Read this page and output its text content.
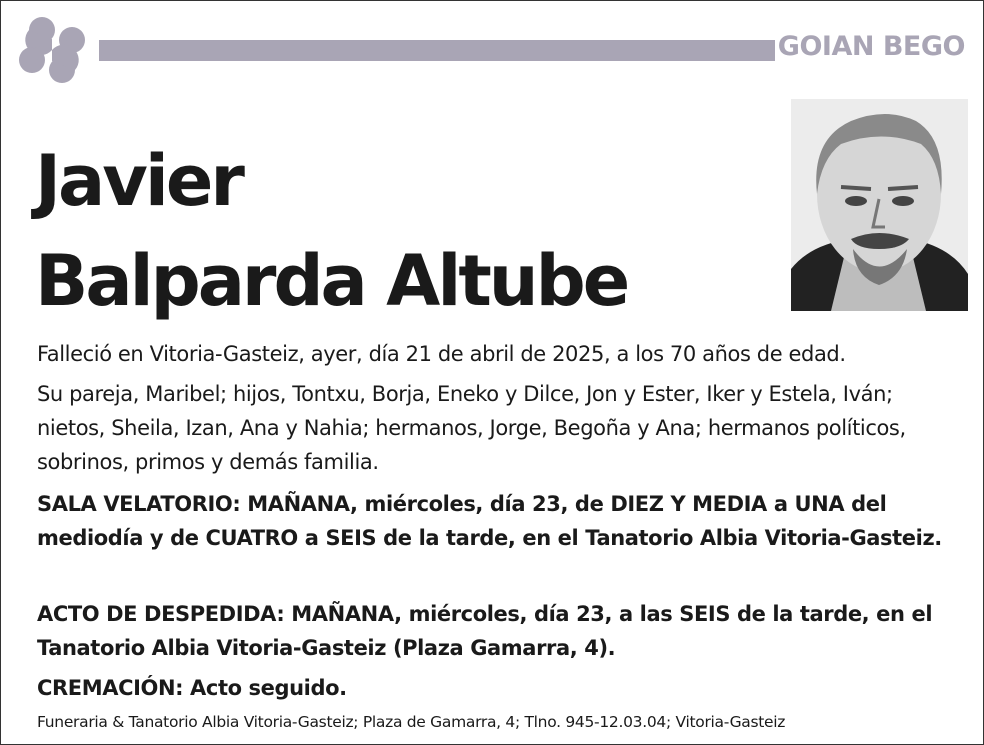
GOIAN BEGO
Javier
Balparda Altube
Falleció en Vitoria-Gasteiz, ayer, día 21 de abril de 2025, a los 70 años de edad.
Su pareja, Maribel; hijos, Tontxu, Borja, Eneko y Dilce, Jon y Ester, Iker y Estela, Iván; nietos, Sheila, Izan, Ana y Nahia; hermanos, Jorge, Begoña y Ana; hermanos políticos, sobrinos, primos y demás familia.
SALA VELATORIO: MAÑANA, miércoles, día 23, de DIEZ Y MEDIA a UNA del mediodía y de CUATRO a SEIS de la tarde, en el Tanatorio Albia Vitoria-Gasteiz.
ACTO DE DESPEDIDA: MAÑANA, miércoles, día 23, a las SEIS de la tarde, en el Tanatorio Albia Vitoria-Gasteiz (Plaza Gamarra, 4).
CREMACIÓN: Acto seguido.
Funeraria & Tanatorio Albia Vitoria-Gasteiz; Plaza de Gamarra, 4; Tlno. 945-12.03.04; Vitoria-Gasteiz
